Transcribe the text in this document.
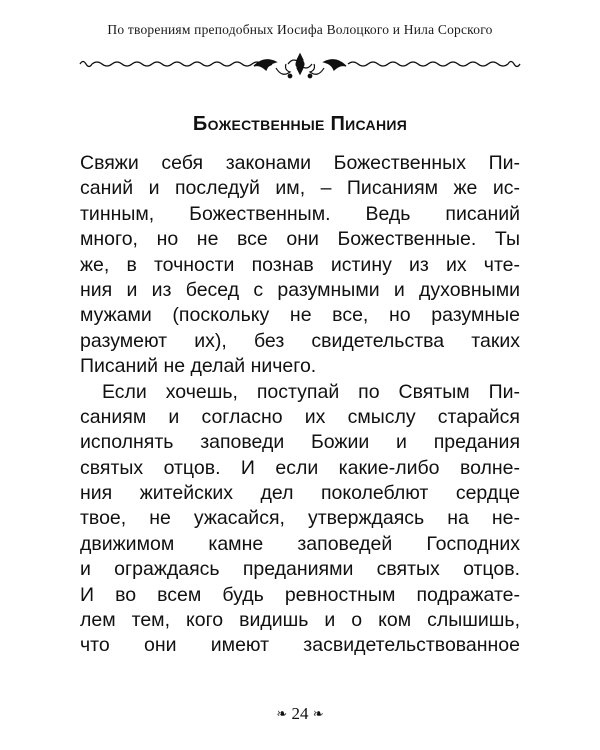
По творениям преподобных Иосифа Волоцкого и Нила Сорского
Божественные Писания
Свяжи себя законами Божественных Пи-
саний и последуй им, – Писаниям же ис-
тинным, Божественным. Ведь писаний
много, но не все они Божественные. Ты
же, в точности познав истину из их чте-
ния и из бесед с разумными и духовными
мужами (поскольку не все, но разумные
разумеют их), без свидетельства таких
Писаний не делай ничего.
Если хочешь, поступай по Святым Пи-
саниям и согласно их смыслу старайся
исполнять заповеди Божии и предания
святых отцов. И если какие-либо волне-
ния житейских дел поколеблют сердце
твое, не ужасайся, утверждаясь на не-
движимом камне заповедей Господних
и ограждаясь преданиями святых отцов.
И во всем будь ревностным подражате-
лем тем, кого видишь и о ком слышишь,
что они имеют засвидетельствованное
❧ 24 ❧
